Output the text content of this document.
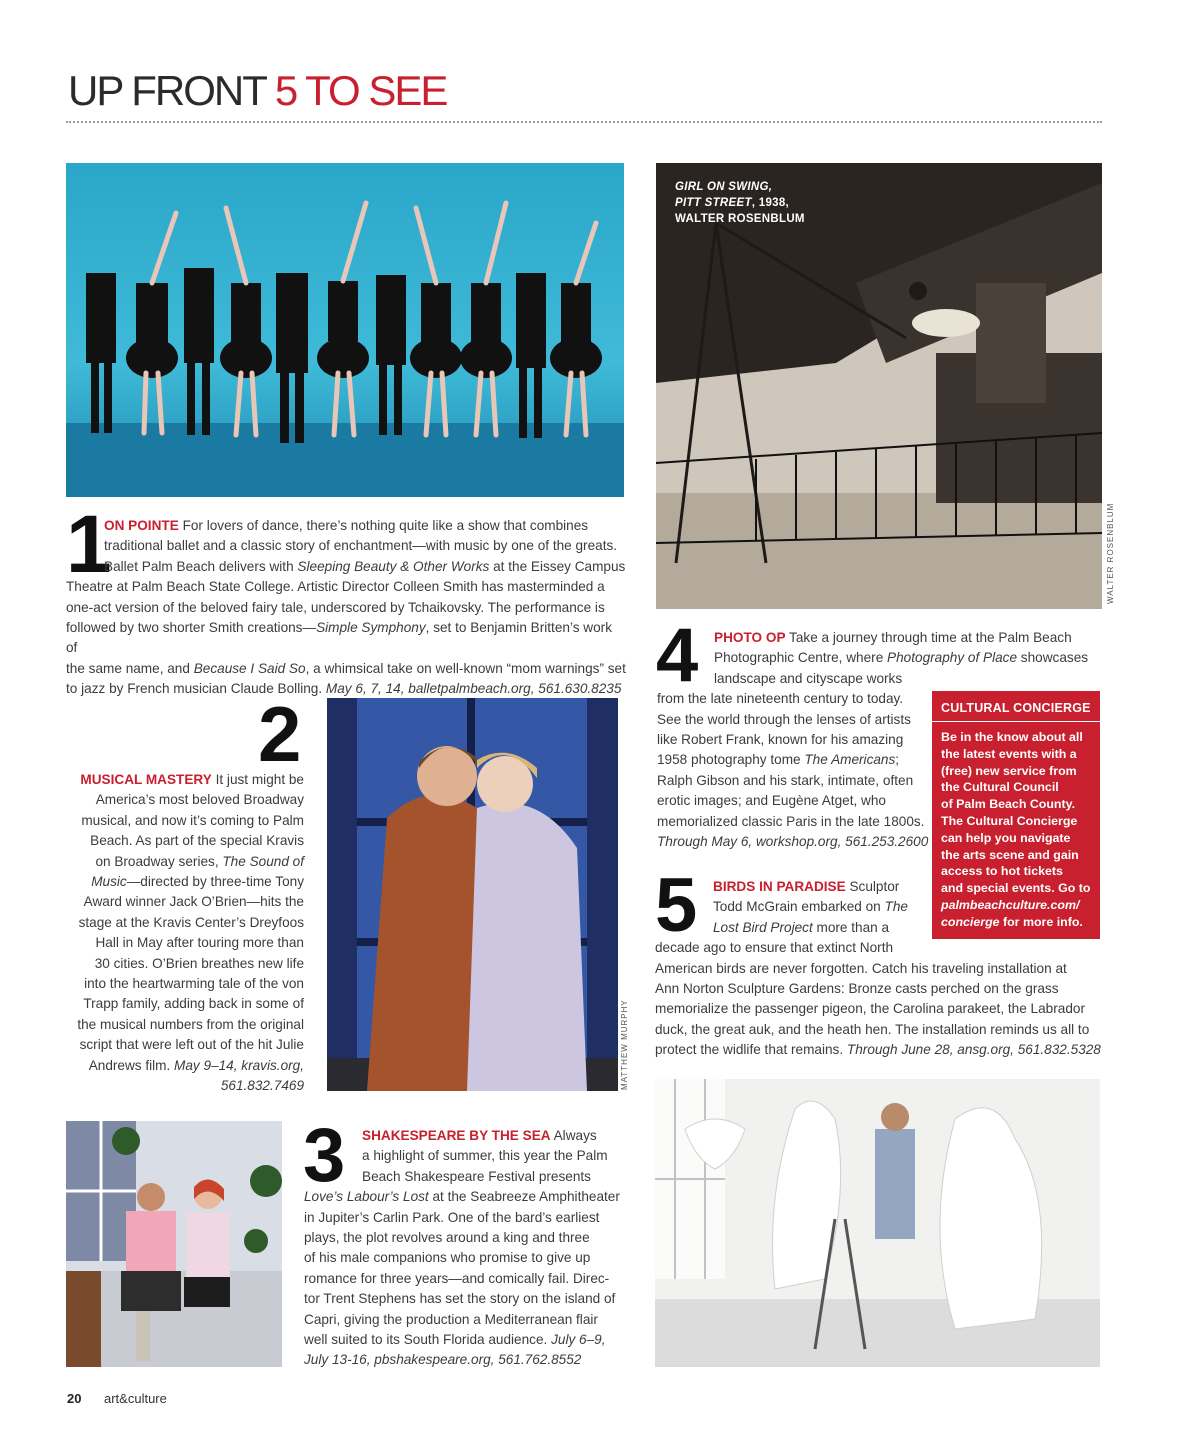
UP FRONT 5 TO SEE
GIRL ON SWING,
PITT STREET, 1938,
WALTER ROSENBLUM
WALTER ROSENBLUM
MATTHEW MURPHY
1

ON POINTE For lovers of dance, there’s nothing quite like a show that combines

traditional ballet and a classic story of enchantment—with music by one of the greats.

Ballet Palm Beach delivers with Sleeping Beauty & Other Works at the Eissey Campus

Theatre at Palm Beach State College. Artistic Director Colleen Smith has masterminded a

one-act version of the beloved fairy tale, underscored by Tchaikovsky. The performance is

followed by two shorter Smith creations—Simple Symphony, set to Benjamin Britten’s work of

the same name, and Because I Said So, a whimsical take on well-known “mom warnings” set

to jazz by French musician Claude Bolling. May 6, 7, 14, balletpalmbeach.org, 561.630.8235

2

MUSICAL MASTERY It just might be

America’s most beloved Broadway

musical, and now it’s coming to Palm

Beach. As part of the special Kravis

on Broadway series, The Sound of

Music—directed by three-time Tony

Award winner Jack O’Brien—hits the

stage at the Kravis Center’s Dreyfoos

Hall in May after touring more than

30 cities. O’Brien breathes new life

into the heartwarming tale of the von

Trapp family, adding back in some of

the musical numbers from the original

script that were left out of the hit Julie

Andrews film. May 9–14, kravis.org,

561.832.7469

3	SHAKESPEARE BY THE SEA Always

a highlight of summer, this year the Palm

Beach Shakespeare Festival presents

Love’s Labour’s Lost at the Seabreeze Amphitheater

in Jupiter’s Carlin Park. One of the bard’s earliest

plays, the plot revolves around a king and three

of his male companions who promise to give up

romance for three years—and comically fail. Direc-

tor Trent Stephens has set the story on the island of

Capri, giving the production a Mediterranean flair

well suited to its South Florida audience. July 6–9,

July 13-16, pbshakespeare.org, 561.762.8552

4	PHOTO OP Take a journey through time at the Palm Beach

Photographic Centre, where Photography of Place showcases

landscape and cityscape works

from the late nineteenth century to today.

See the world through the lenses of artists

like Robert Frank, known for his amazing

1958 photography tome The Americans;

Ralph Gibson and his stark, intimate, often

erotic images; and Eugène Atget, who

memorialized classic Paris in the late 1800s.

Through May 6, workshop.org, 561.253.2600

CULTURAL CONCIERGE
Be in the know about all
the latest events with a
(free) new service from
the Cultural Council
of Palm Beach County.
The Cultural Concierge
can help you navigate
the arts scene and gain
access to hot tickets
and special events. Go to
palmbeachculture.com/
concierge for more info.
5	BIRDS IN PARADISE Sculptor

Todd McGrain embarked on The

Lost Bird Project more than a

decade ago to ensure that extinct North

American birds are never forgotten. Catch his traveling installation at

Ann Norton Sculpture Gardens: Bronze casts perched on the grass

memorialize the passenger pigeon, the Carolina parakeet, the Labrador

duck, the great auk, and the heath hen. The installation reminds us all to

protect the widlife that remains. Through June 28, ansg.org, 561.832.5328

20 art&culture
